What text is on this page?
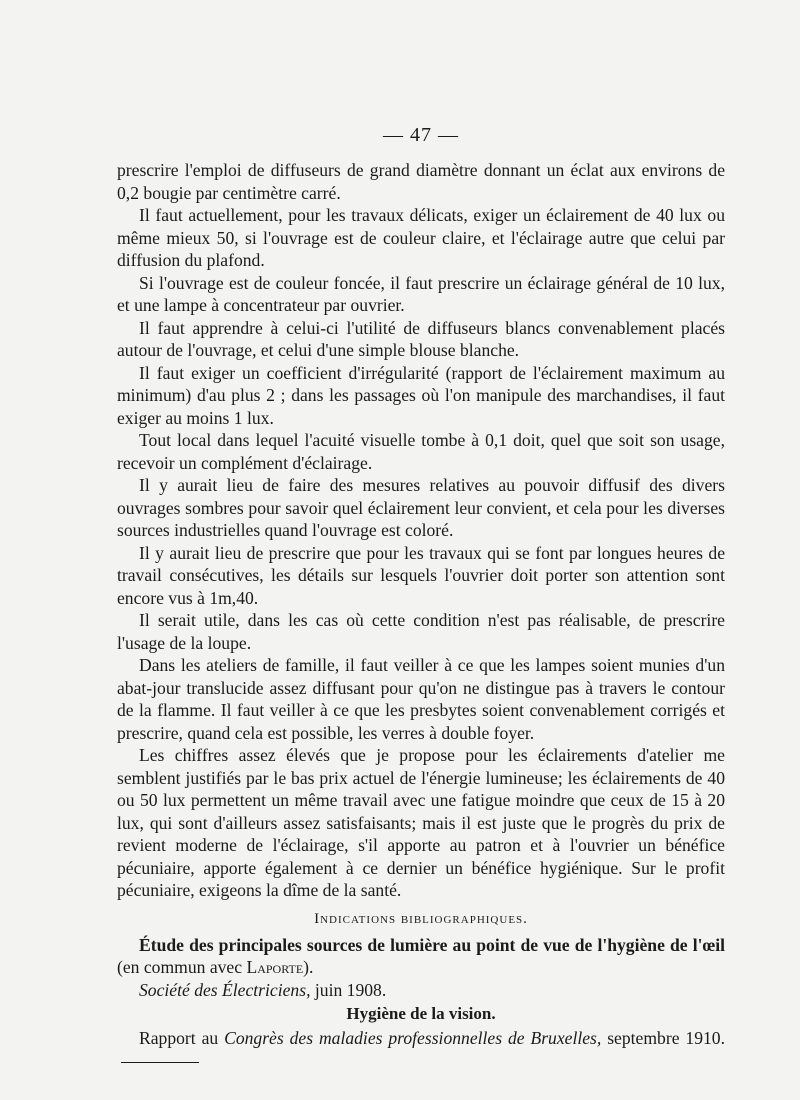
— 47 —

prescrire l'emploi de diffuseurs de grand diamètre donnant un éclat aux environs de 0,2 bougie par centimètre carré.

Il faut actuellement, pour les travaux délicats, exiger un éclairement de 40 lux ou même mieux 50, si l'ouvrage est de couleur claire, et l'éclairage autre que celui par diffusion du plafond.

Si l'ouvrage est de couleur foncée, il faut prescrire un éclairage général de 10 lux, et une lampe à concentrateur par ouvrier.

Il faut apprendre à celui-ci l'utilité de diffuseurs blancs convenablement placés autour de l'ouvrage, et celui d'une simple blouse blanche.

Il faut exiger un coefficient d'irrégularité (rapport de l'éclairement maximum au minimum) d'au plus 2 ; dans les passages où l'on manipule des marchandises, il faut exiger au moins 1 lux.

Tout local dans lequel l'acuité visuelle tombe à 0,1 doit, quel que soit son usage, recevoir un complément d'éclairage.

Il y aurait lieu de faire des mesures relatives au pouvoir diffusif des divers ouvrages sombres pour savoir quel éclairement leur convient, et cela pour les diverses sources industrielles quand l'ouvrage est coloré.

Il y aurait lieu de prescrire que pour les travaux qui se font par longues heures de travail consécutives, les détails sur lesquels l'ouvrier doit porter son attention sont encore vus à 1m,40.

Il serait utile, dans les cas où cette condition n'est pas réalisable, de prescrire l'usage de la loupe.

Dans les ateliers de famille, il faut veiller à ce que les lampes soient munies d'un abat-jour translucide assez diffusant pour qu'on ne distingue pas à travers le contour de la flamme. Il faut veiller à ce que les presbytes soient convenablement corrigés et prescrire, quand cela est possible, les verres à double foyer.

Les chiffres assez élevés que je propose pour les éclairements d'atelier me semblent justifiés par le bas prix actuel de l'énergie lumineuse; les éclairements de 40 ou 50 lux permettent un même travail avec une fatigue moindre que ceux de 15 à 20 lux, qui sont d'ailleurs assez satisfaisants; mais il est juste que le progrès du prix de revient moderne de l'éclairage, s'il apporte au patron et à l'ouvrier un bénéfice pécuniaire, apporte également à ce dernier un bénéfice hygiénique. Sur le profit pécuniaire, exigeons la dîme de la santé.

Indications bibliographiques.

Étude des principales sources de lumière au point de vue de l'hygiène de l'œil (en commun avec Laporte).

Société des Électriciens, juin 1908.

Hygiène de la vision.

Rapport au Congrès des maladies professionnelles de Bruxelles, septembre 1910.
